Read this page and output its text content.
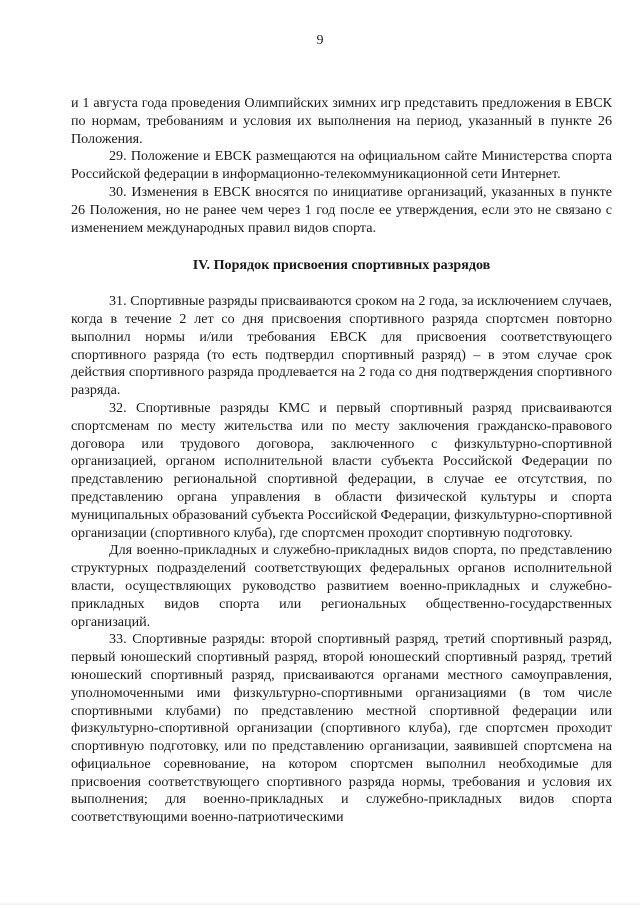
9

и 1 августа года проведения Олимпийских зимних игр представить предложения в ЕВСК по нормам, требованиям и условия их выполнения на период, указанный в пункте 26 Положения.

29. Положение и ЕВСК размещаются на официальном сайте Министерства спорта Российской федерации в информационно-телекоммуникационной сети Интернет.

30. Изменения в ЕВСК вносятся по инициативе организаций, указанных в пункте 26 Положения, но не ранее чем через 1 год после ее утверждения, если это не связано с изменением международных правил видов спорта.

IV. Порядок присвоения спортивных разрядов

31. Спортивные разряды присваиваются сроком на 2 года, за исключением случаев, когда в течение 2 лет со дня присвоения спортивного разряда спортсмен повторно выполнил нормы и/или требования ЕВСК для присвоения соответствующего спортивного разряда (то есть подтвердил спортивный разряд) – в этом случае срок действия спортивного разряда продлевается на 2 года со дня подтверждения спортивного разряда.

32. Спортивные разряды КМС и первый спортивный разряд присваиваются спортсменам по месту жительства или по месту заключения гражданско-правового договора или трудового договора, заключенного с физкультурно-спортивной организацией, органом исполнительной власти субъекта Российской Федерации по представлению региональной спортивной федерации, в случае ее отсутствия, по представлению органа управления в области физической культуры и спорта муниципальных образований субъекта Российской Федерации, физкультурно-спортивной организации (спортивного клуба), где спортсмен проходит спортивную подготовку.

Для военно-прикладных и служебно-прикладных видов спорта, по представлению структурных подразделений соответствующих федеральных органов исполнительной власти, осуществляющих руководство развитием военно-прикладных и служебно-прикладных видов спорта или региональных общественно-государственных организаций.

33. Спортивные разряды: второй спортивный разряд, третий спортивный разряд, первый юношеский спортивный разряд, второй юношеский спортивный разряд, третий юношеский спортивный разряд, присваиваются органами местного самоуправления, уполномоченными ими физкультурно-спортивными организациями (в том числе спортивными клубами) по представлению местной спортивной федерации или физкультурно-спортивной организации (спортивного клуба), где спортсмен проходит спортивную подготовку, или по представлению организации, заявившей спортсмена на официальное соревнование, на котором спортсмен выполнил необходимые для присвоения соответствующего спортивного разряда нормы, требования и условия их выполнения; для военно-прикладных и служебно-прикладных видов спорта соответствующими военно-патриотическими
